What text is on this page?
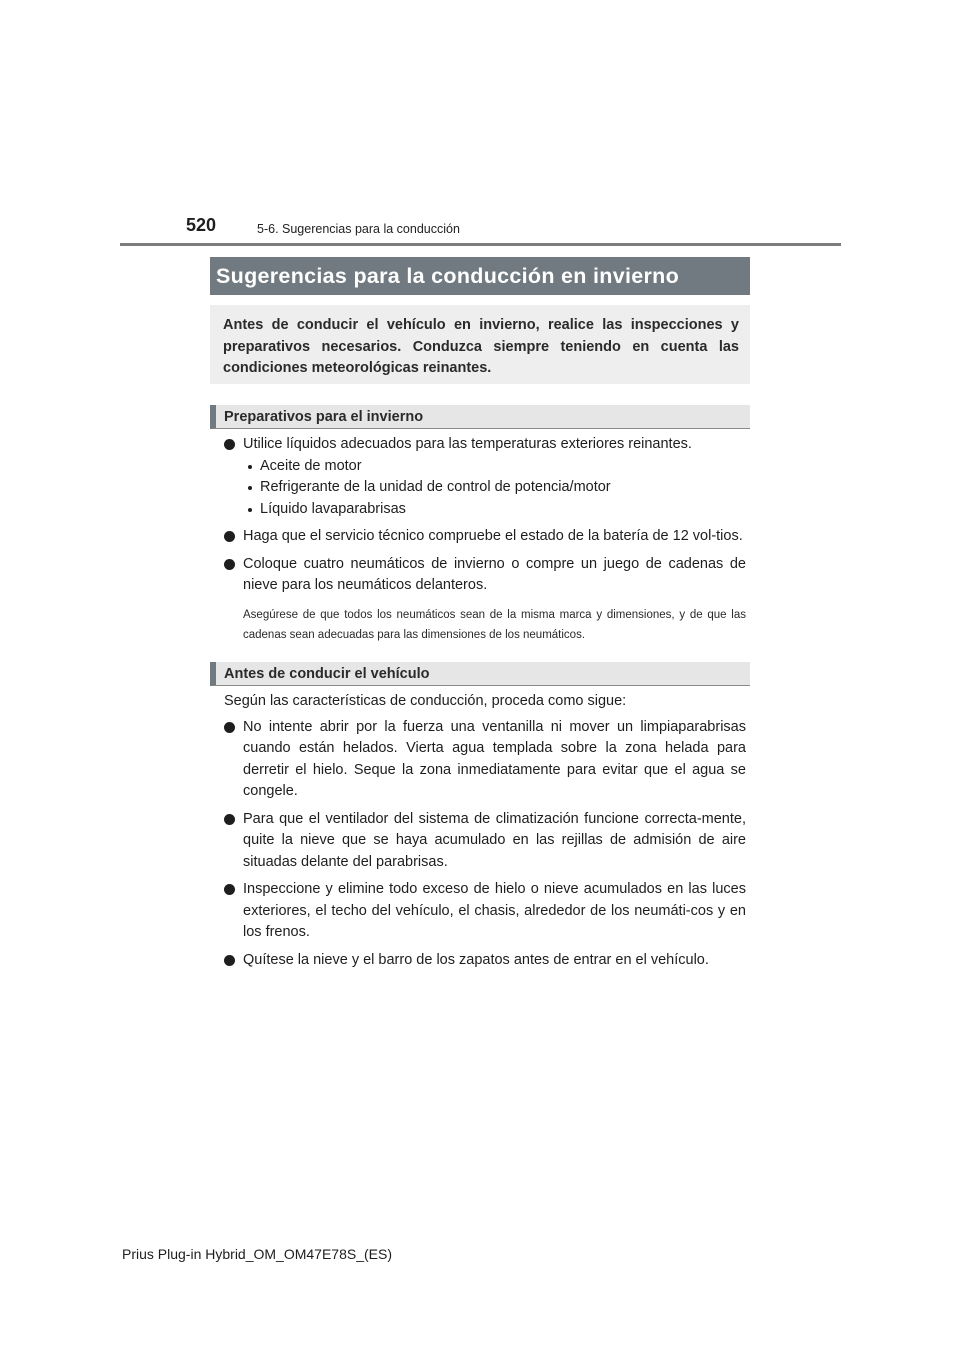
520	5-6. Sugerencias para la conducción
Sugerencias para la conducción en invierno
Antes de conducir el vehículo en invierno, realice las inspecciones y preparativos necesarios. Conduzca siempre teniendo en cuenta las condiciones meteorológicas reinantes.
Preparativos para el invierno
Utilice líquidos adecuados para las temperaturas exteriores reinantes.
Aceite de motor
Refrigerante de la unidad de control de potencia/motor
Líquido lavaparabrisas
Haga que el servicio técnico compruebe el estado de la batería de 12 vol-tios.
Coloque cuatro neumáticos de invierno o compre un juego de cadenas de nieve para los neumáticos delanteros.
Asegúrese de que todos los neumáticos sean de la misma marca y dimensiones, y de que las cadenas sean adecuadas para las dimensiones de los neumáticos.
Antes de conducir el vehículo
Según las características de conducción, proceda como sigue:
No intente abrir por la fuerza una ventanilla ni mover un limpiaparabrisas cuando están helados. Vierta agua templada sobre la zona helada para derretir el hielo. Seque la zona inmediatamente para evitar que el agua se congele.
Para que el ventilador del sistema de climatización funcione correcta-mente, quite la nieve que se haya acumulado en las rejillas de admisión de aire situadas delante del parabrisas.
Inspeccione y elimine todo exceso de hielo o nieve acumulados en las luces exteriores, el techo del vehículo, el chasis, alrededor de los neumáti-cos y en los frenos.
Quítese la nieve y el barro de los zapatos antes de entrar en el vehículo.
Prius Plug-in Hybrid_OM_OM47E78S_(ES)
